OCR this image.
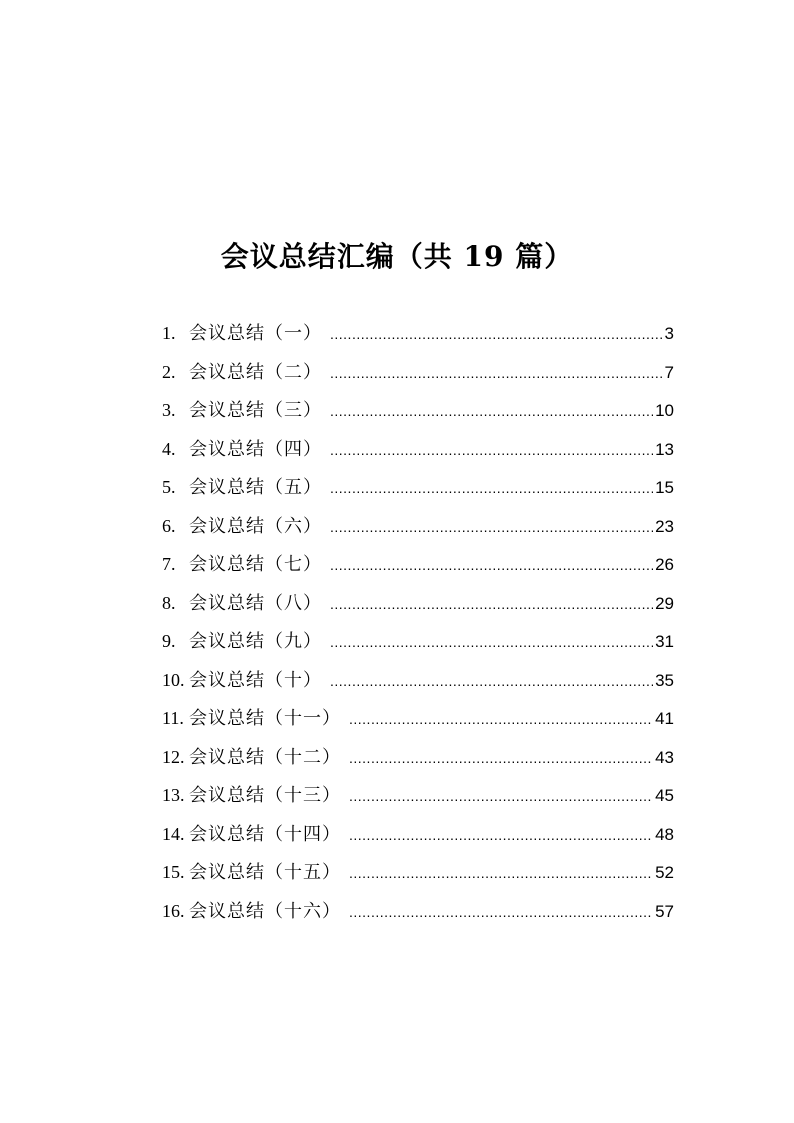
会议总结汇编（共 19 篇）
1. 会议总结（一） .....	3
2. 会议总结（二） .....	7
3. 会议总结（三） .....	10
4. 会议总结（四） .....	13
5. 会议总结（五） .....	15
6. 会议总结（六） .....	23
7. 会议总结（七） .....	26
8. 会议总结（八） .....	29
9. 会议总结（九） .....	31
10. 会议总结（十） .....	35
11. 会议总结（十一） .....	41
12. 会议总结（十二） .....	43
13. 会议总结（十三） .....	45
14. 会议总结（十四） .....	48
15. 会议总结（十五） .....	52
16. 会议总结（十六） .....	57
